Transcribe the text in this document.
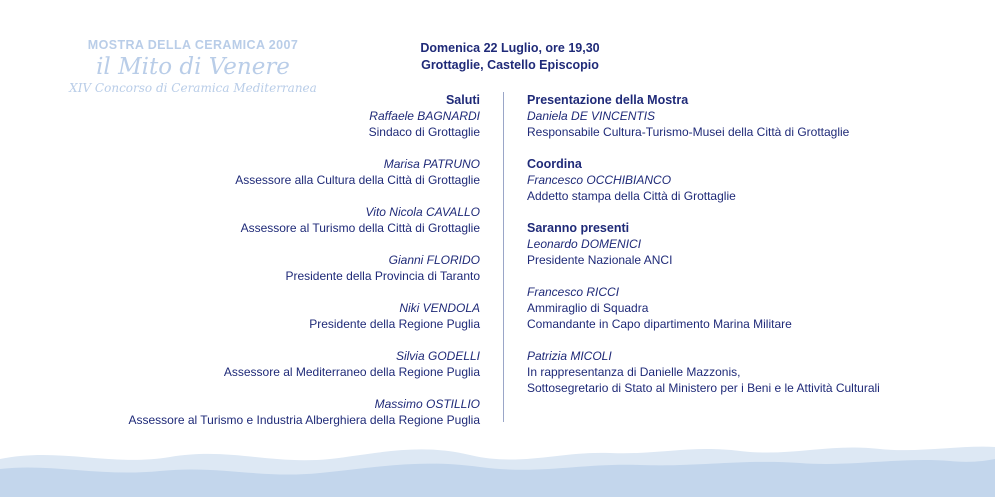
MOSTRA DELLA CERAMICA 2007
il Mito di Venere
XIV Concorso di Ceramica Mediterranea
Domenica 22 Luglio, ore 19,30
Grottaglie, Castello Episcopio
Saluti
Raffaele BAGNARDI
Sindaco di Grottaglie
Marisa PATRUNO
Assessore alla Cultura della Città di Grottaglie
Vito Nicola CAVALLO
Assessore al Turismo della Città di Grottaglie
Gianni FLORIDO
Presidente della Provincia di Taranto
Niki VENDOLA
Presidente della Regione Puglia
Silvia GODELLI
Assessore al Mediterraneo della Regione Puglia
Massimo OSTILLIO
Assessore al Turismo e Industria Alberghiera della Regione Puglia
Presentazione della Mostra
Daniela DE VINCENTIS
Responsabile Cultura-Turismo-Musei della Città di Grottaglie
Coordina
Francesco OCCHIBIANCO
Addetto stampa della Città di Grottaglie
Saranno presenti
Leonardo DOMENICI
Presidente Nazionale ANCI
Francesco RICCI
Ammiraglio di Squadra
Comandante in Capo dipartimento Marina Militare
Patrizia MICOLI
In rappresentanza di Danielle Mazzonis,
Sottosegretario di Stato al Ministero per i Beni e le Attività Culturali
